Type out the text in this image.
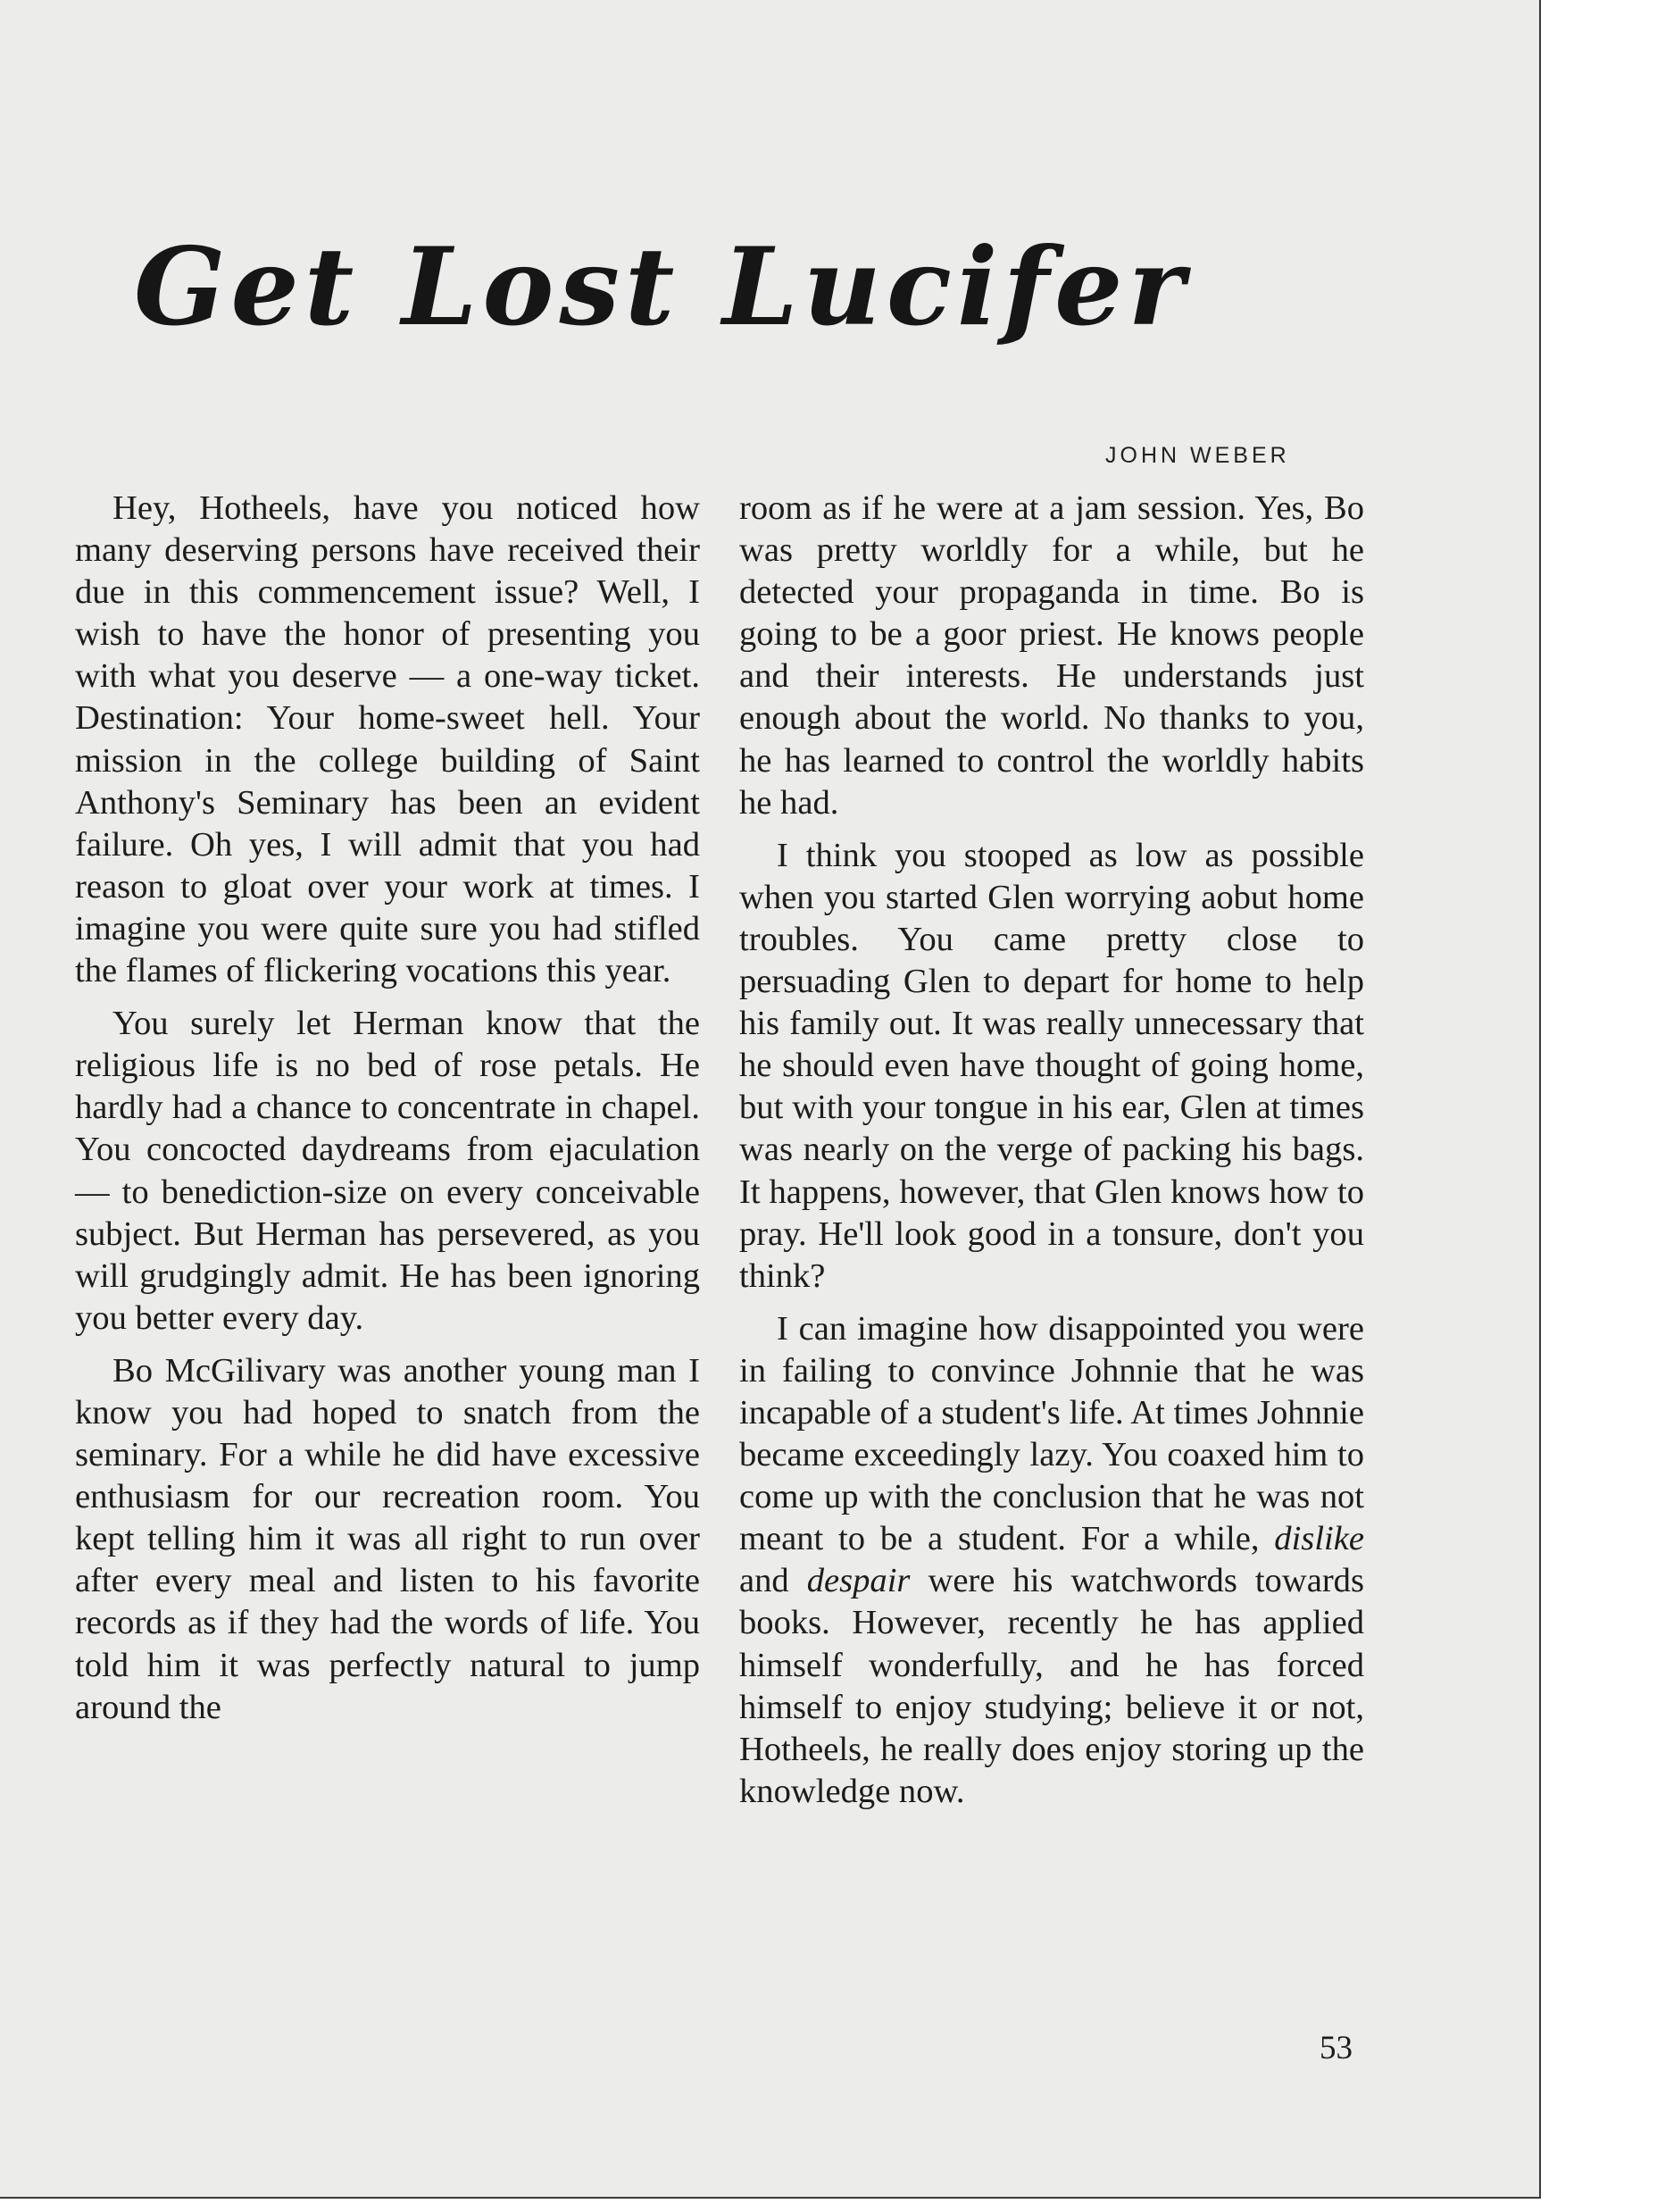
Get Lost Lucifer
JOHN WEBER

Hey, Hotheels, have you noticed how many deserving persons have received their due in this commencement issue? Well, I wish to have the honor of presenting you with what you deserve — a one-way ticket. Destination: Your home-sweet hell. Your mission in the college building of Saint Anthony's Seminary has been an evident failure. Oh yes, I will admit that you had reason to gloat over your work at times. I imagine you were quite sure you had stifled the flames of flickering vocations this year.

You surely let Herman know that the religious life is no bed of rose petals. He hardly had a chance to concentrate in chapel. You concocted daydreams from ejaculation — to benediction-size on every conceivable subject. But Herman has persevered, as you will grudgingly admit. He has been ignoring you better every day.

Bo McGilivary was another young man I know you had hoped to snatch from the seminary. For a while he did have excessive enthusiasm for our recreation room. You kept telling him it was all right to run over after every meal and listen to his favorite records as if they had the words of life. You told him it was perfectly natural to jump around the

room as if he were at a jam session. Yes, Bo was pretty worldly for a while, but he detected your propaganda in time. Bo is going to be a goor priest. He knows people and their interests. He understands just enough about the world. No thanks to you, he has learned to control the worldly habits he had.

I think you stooped as low as possible when you started Glen worrying aobut home troubles. You came pretty close to persuading Glen to depart for home to help his family out. It was really unnecessary that he should even have thought of going home, but with your tongue in his ear, Glen at times was nearly on the verge of packing his bags. It happens, however, that Glen knows how to pray. He'll look good in a tonsure, don't you think?

I can imagine how disappointed you were in failing to convince Johnnie that he was incapable of a student's life. At times Johnnie became exceedingly lazy. You coaxed him to come up with the conclusion that he was not meant to be a student. For a while, dislike and despair were his watchwords towards books. However, recently he has applied himself wonderfully, and he has forced himself to enjoy studying; believe it or not, Hotheels, he really does enjoy storing up the knowledge now.

53
